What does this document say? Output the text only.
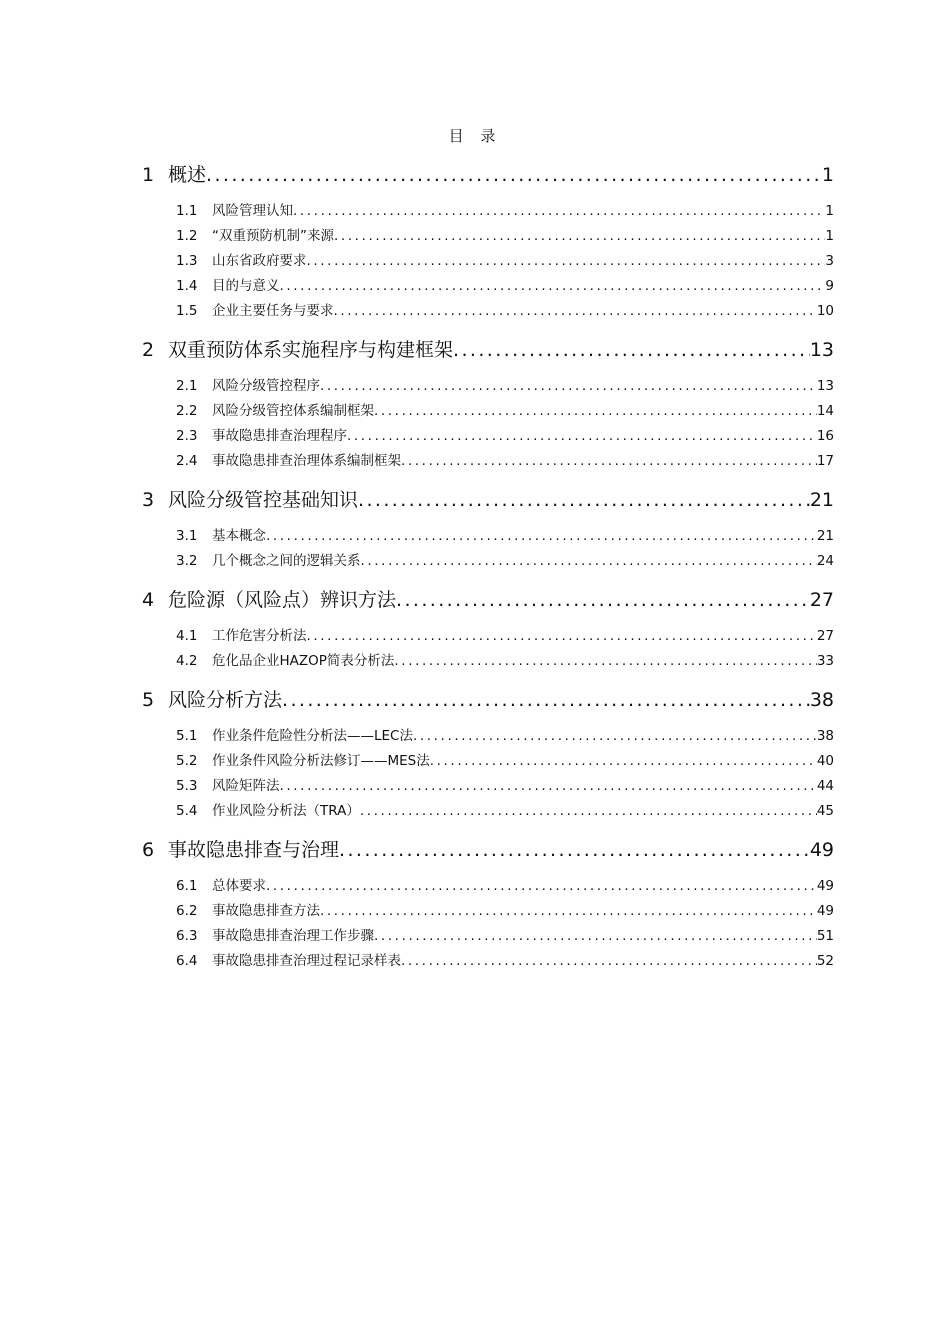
目 录
1 概述 .....	1
1.1	风险管理认知 .....	1
1.2	“双重预防机制”来源 .....	1
1.3	山东省政府要求 .....	3
1.4	目的与意义 .....	9
1.5	企业主要任务与要求 .....	10
2 双重预防体系实施程序与构建框架 .....	13
2.1	风险分级管控程序 .....	13
2.2	风险分级管控体系编制框架 .....	14
2.3	事故隐患排查治理程序 .....	16
2.4	事故隐患排查治理体系编制框架 .....	17
3 风险分级管控基础知识 .....	21
3.1	基本概念 .....	21
3.2	几个概念之间的逻辑关系 .....	24
4 危险源（风险点）辨识方法 .....	27
4.1	工作危害分析法 .....	27
4.2	危化品企业HAZOP简表分析法 .....	33
5 风险分析方法 .....	38
5.1	作业条件危险性分析法——LEC法 .....	38
5.2	作业条件风险分析法修订——MES法 .....	40
5.3	风险矩阵法 .....	44
5.4	作业风险分析法（TRA） .....	45
6 事故隐患排查与治理 .....	49
6.1	总体要求 .....	49
6.2	事故隐患排查方法 .....	49
6.3	事故隐患排查治理工作步骤 .....	51
6.4	事故隐患排查治理过程记录样表 .....	52
